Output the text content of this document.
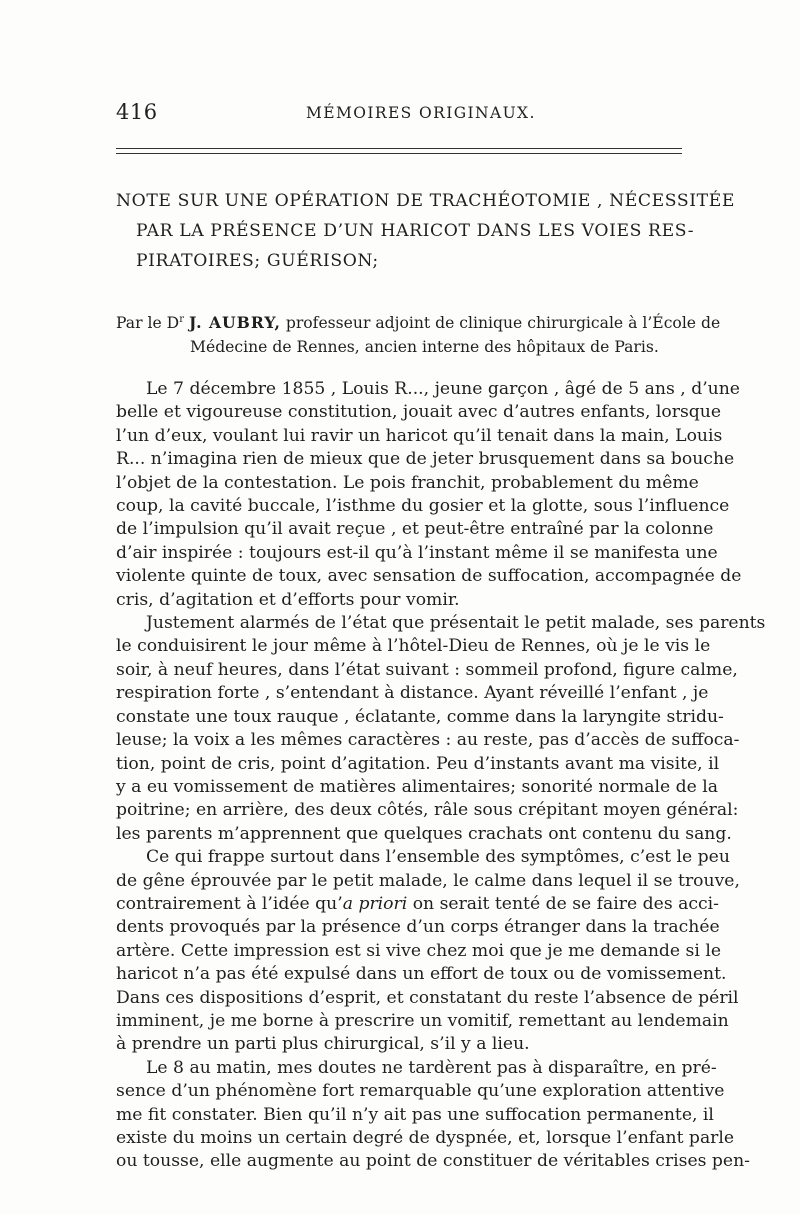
416	MÉMOIRES ORIGINAUX.
NOTE SUR UNE OPÉRATION DE TRACHÉOTOMIE , NÉCESSITÉE
PAR LA PRÉSENCE D’UN HARICOT DANS LES VOIES RES-
PIRATOIRES; GUÉRISON;
Par le $D^r$ J. AUBRY, professeur adjoint de clinique chirurgicale à l’École de
Médecine de Rennes, ancien interne des hôpitaux de Paris.
Le 7 décembre 1855 , Louis R..., jeune garçon , âgé de 5 ans , d’une
belle et vigoureuse constitution, jouait avec d’autres enfants, lorsque
l’un d’eux, voulant lui ravir un haricot qu’il tenait dans la main, Louis
R... n’imagina rien de mieux que de jeter brusquement dans sa bouche
l’objet de la contestation. Le pois franchit, probablement du même
coup, la cavité buccale, l’isthme du gosier et la glotte, sous l’influence
de l’impulsion qu’il avait reçue , et peut-être entraîné par la colonne
d’air inspirée : toujours est-il qu’à l’instant même il se manifesta une
violente quinte de toux, avec sensation de suffocation, accompagnée de
cris, d’agitation et d’efforts pour vomir.
Justement alarmés de l’état que présentait le petit malade, ses parents
le conduisirent le jour même à l’hôtel-Dieu de Rennes, où je le vis le
soir, à neuf heures, dans l’état suivant : sommeil profond, figure calme,
respiration forte , s’entendant à distance. Ayant réveillé l’enfant , je
constate une toux rauque , éclatante, comme dans la laryngite stridu-
leuse; la voix a les mêmes caractères : au reste, pas d’accès de suffoca-
tion, point de cris, point d’agitation. Peu d’instants avant ma visite, il
y a eu vomissement de matières alimentaires; sonorité normale de la
poitrine; en arrière, des deux côtés, râle sous crépitant moyen général:
les parents m’apprennent que quelques crachats ont contenu du sang.
Ce qui frappe surtout dans l’ensemble des symptômes, c’est le peu
de gêne éprouvée par le petit malade, le calme dans lequel il se trouve,
contrairement à l’idée qu’a priori on serait tenté de se faire des acci-
dents provoqués par la présence d’un corps étranger dans la trachée
artère. Cette impression est si vive chez moi que je me demande si le
haricot n’a pas été expulsé dans un effort de toux ou de vomissement.
Dans ces dispositions d’esprit, et constatant du reste l’absence de péril
imminent, je me borne à prescrire un vomitif, remettant au lendemain
à prendre un parti plus chirurgical, s’il y a lieu.
Le 8 au matin, mes doutes ne tardèrent pas à disparaître, en pré-
sence d’un phénomène fort remarquable qu’une exploration attentive
me fit constater. Bien qu’il n’y ait pas une suffocation permanente, il
existe du moins un certain degré de dyspnée, et, lorsque l’enfant parle
ou tousse, elle augmente au point de constituer de véritables crises pen-
